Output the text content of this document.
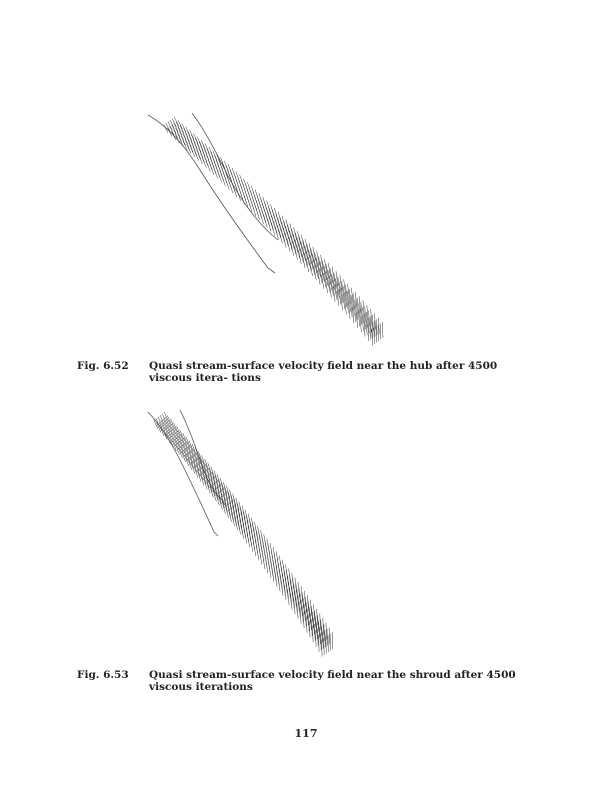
Fig. 6.52	Quasi stream-surface velocity field near the hub after 4500 viscous itera- tions
Fig. 6.53	Quasi stream-surface velocity field near the shroud after 4500 viscous iterations
117
